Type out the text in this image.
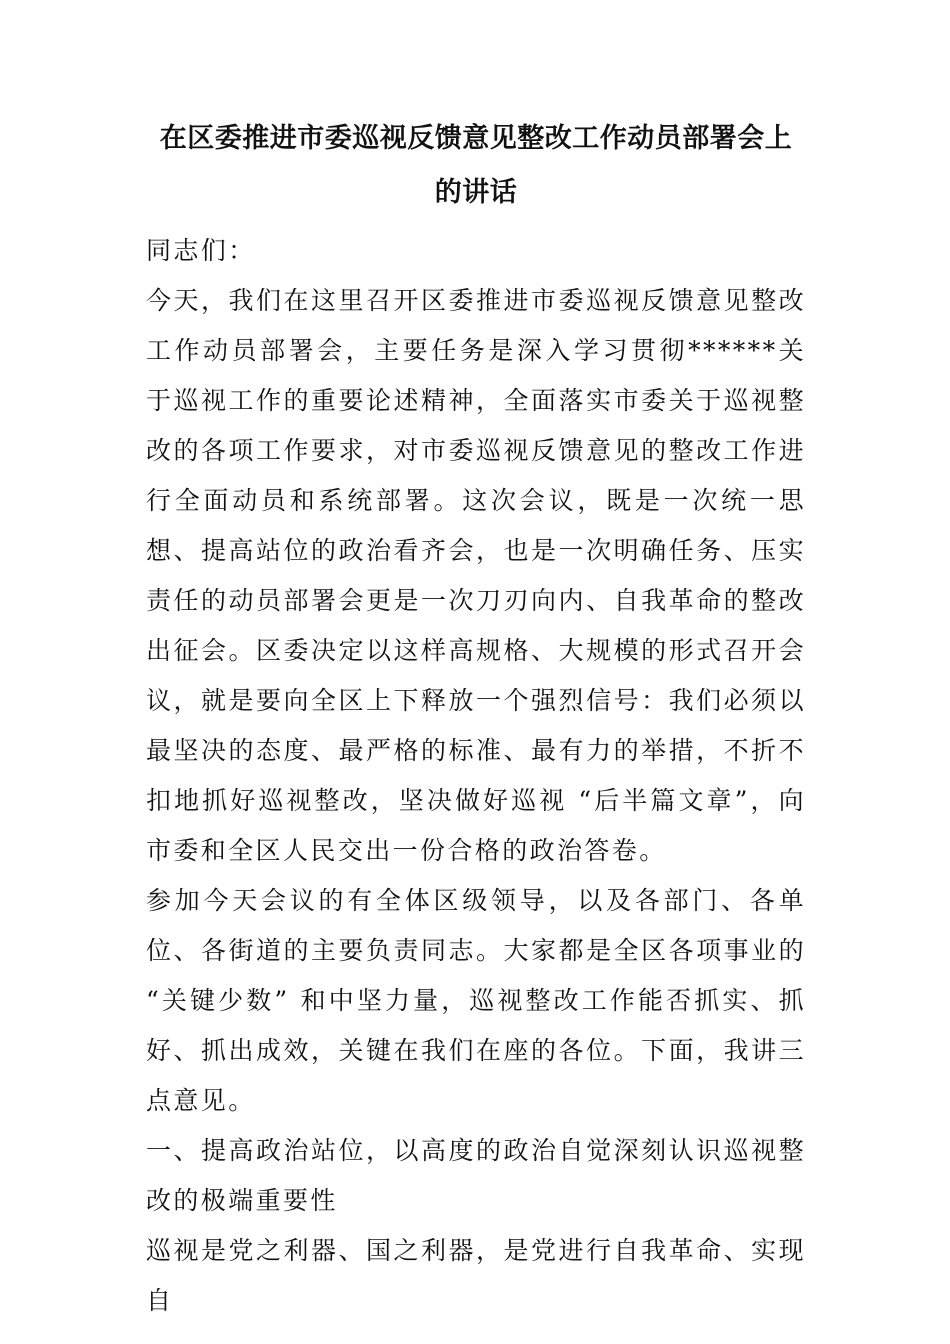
在区委推进市委巡视反馈意见整改工作动员部署会上
的讲话

同志们：

今天，我们在这里召开区委推进市委巡视反馈意见整改工作动员部署会，主要任务是深入学习贯彻******关于巡视工作的重要论述精神，全面落实市委关于巡视整改的各项工作要求，对市委巡视反馈意见的整改工作进行全面动员和系统部署。这次会议，既是一次统一思想、提高站位的政治看齐会，也是一次明确任务、压实责任的动员部署会更是一次刀刃向内、自我革命的整改出征会。区委决定以这样高规格、大规模的形式召开会议，就是要向全区上下释放一个强烈信号：我们必须以最坚决的态度、最严格的标准、最有力的举措，不折不扣地抓好巡视整改，坚决做好巡视 “后半篇文章”，向市委和全区人民交出一份合格的政治答卷。

参加今天会议的有全体区级领导，以及各部门、各单位、各街道的主要负责同志。大家都是全区各项事业的 “关键少数” 和中坚力量，巡视整改工作能否抓实、抓好、抓出成效，关键在我们在座的各位。下面，我讲三点意见。

一、提高政治站位，以高度的政治自觉深刻认识巡视整改的极端重要性

巡视是党之利器、国之利器，是党进行自我革命、实现自
